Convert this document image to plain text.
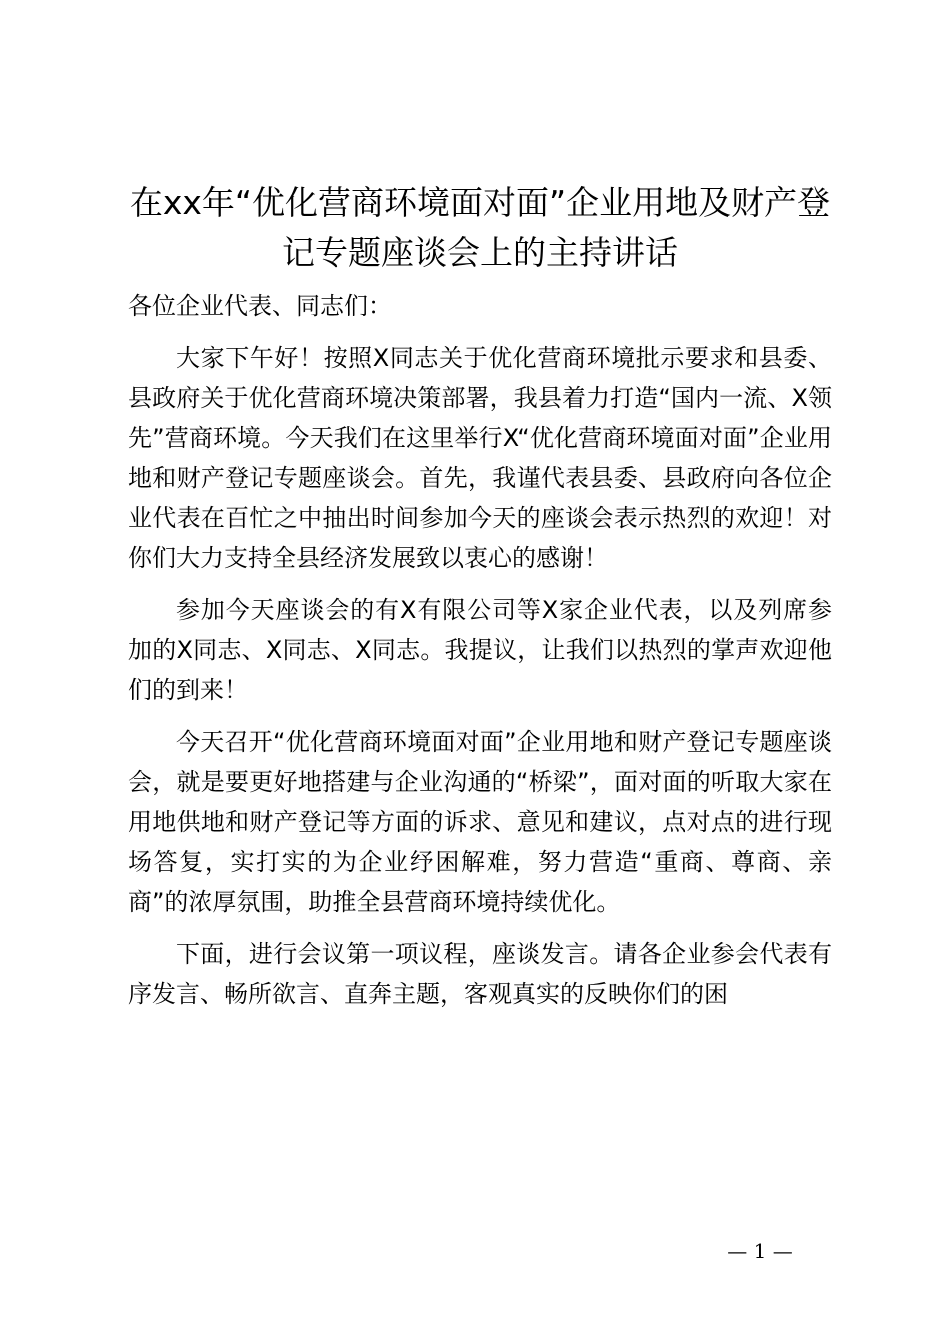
在xx年“优化营商环境面对面”企业用地及财产登记专题座谈会上的主持讲话

各位企业代表、同志们：

大家下午好！按照X同志关于优化营商环境批示要求和县委、县政府关于优化营商环境决策部署，我县着力打造“国内一流、X领先”营商环境。今天我们在这里举行X“优化营商环境面对面”企业用地和财产登记专题座谈会。首先，我谨代表县委、县政府向各位企业代表在百忙之中抽出时间参加今天的座谈会表示热烈的欢迎！对你们大力支持全县经济发展致以衷心的感谢！

参加今天座谈会的有X有限公司等X家企业代表，以及列席参加的X同志、X同志、X同志。我提议，让我们以热烈的掌声欢迎他们的到来！

今天召开“优化营商环境面对面”企业用地和财产登记专题座谈会，就是要更好地搭建与企业沟通的“桥梁”，面对面的听取大家在用地供地和财产登记等方面的诉求、意见和建议，点对点的进行现场答复，实打实的为企业纾困解难，努力营造“重商、尊商、亲商”的浓厚氛围，助推全县营商环境持续优化。

下面，进行会议第一项议程，座谈发言。请各企业参会代表有序发言、畅所欲言、直奔主题，客观真实的反映你们的困

— 1 —
